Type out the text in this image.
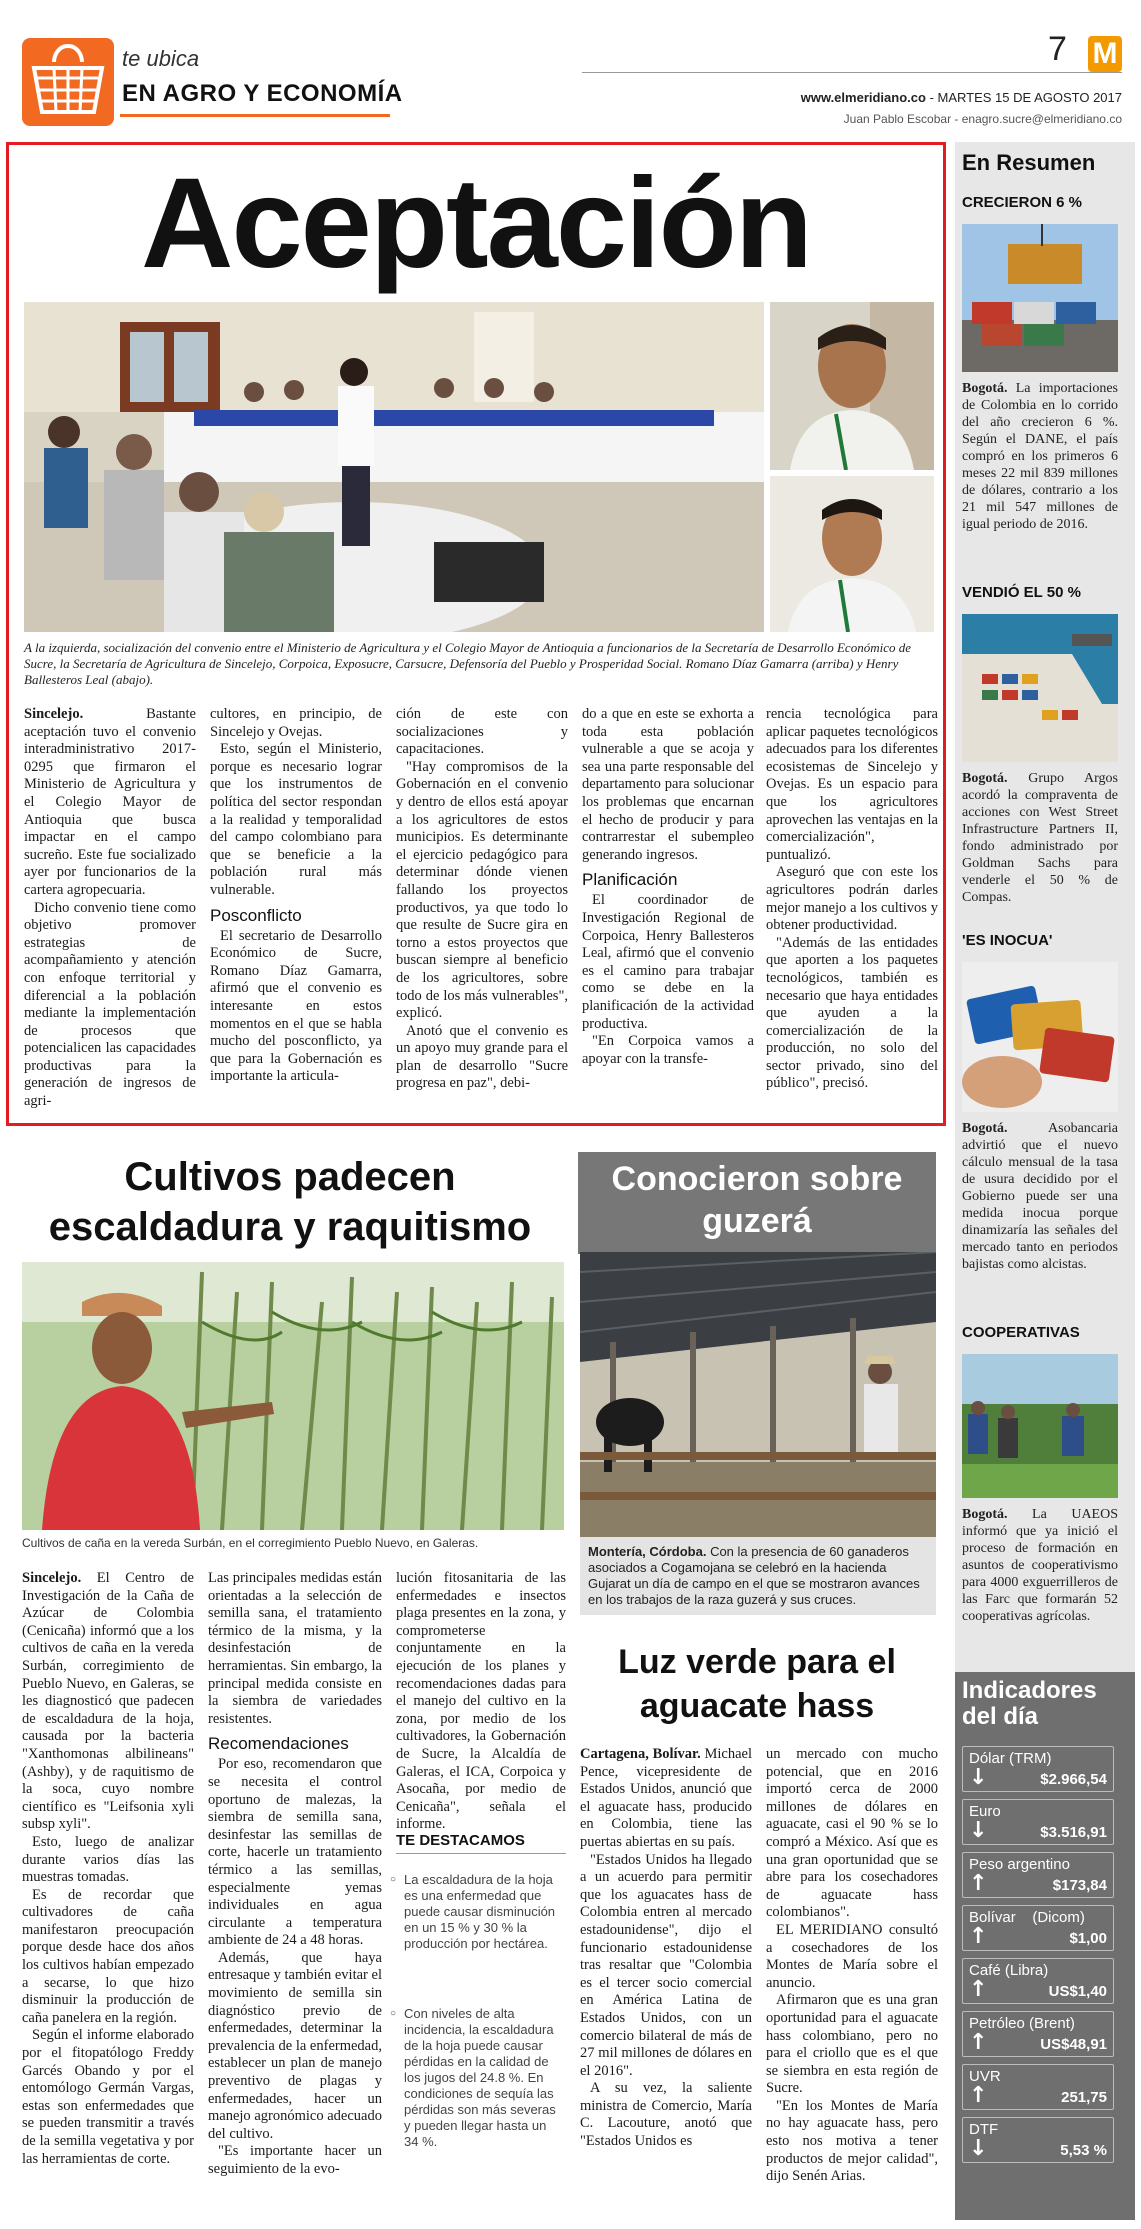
te ubica
EN AGRO Y ECONOMÍA
7 M
www.elmeridiano.co - MARTES 15 DE AGOSTO 2017
Juan Pablo Escobar - enagro.sucre@elmeridiano.co
Aceptación
A la izquierda, socialización del convenio entre el Ministerio de Agricultura y el Colegio Mayor de Antioquia a funcionarios de la Secretaría de Desarrollo Económico de Sucre, la Secretaría de Agricultura de Sincelejo, Corpoica, Exposucre, Carsucre, Defensoría del Pueblo y Prosperidad Social. Romano Díaz Gamarra (arriba) y Henry Ballesteros Leal (abajo).

Sincelejo. Bastante aceptación tuvo el convenio interadministrativo 2017-0295 que firmaron el Ministerio de Agricultura y el Colegio Mayor de Antioquia que busca impactar en el campo sucreño. Este fue socializado ayer por funcionarios de la cartera agropecuaria.

Dicho convenio tiene como objetivo promover estrategias de acompañamiento y atención con enfoque territorial y diferencial a la población mediante la implementación de procesos que potencialicen las capacidades productivas para la generación de ingresos de agri-

cultores, en principio, de Sincelejo y Ovejas.

Esto, según el Ministerio, porque es necesario lograr que los instrumentos de política del sector respondan a la realidad y temporalidad del campo colombiano para que se beneficie a la población rural más vulnerable.

Posconflicto

El secretario de Desarrollo Económico de Sucre, Romano Díaz Gamarra, afirmó que el convenio es interesante en estos momentos en el que se habla mucho del posconflicto, ya que para la Gobernación es importante la articula-

ción de este con socializaciones y capacitaciones.

"Hay compromisos de la Gobernación en el convenio y dentro de ellos está apoyar a los agricultores de estos municipios. Es determinante el ejercicio pedagógico para determinar dónde vienen fallando los proyectos productivos, ya que todo lo que resulte de Sucre gira en torno a estos proyectos que buscan siempre al beneficio de los agricultores, sobre todo de los más vulnerables", explicó.

Anotó que el convenio es un apoyo muy grande para el plan de desarrollo "Sucre progresa en paz", debi-

do a que en este se exhorta a toda esta población vulnerable a que se acoja y sea una parte responsable del departamento para solucionar los problemas que encarnan el hecho de producir y para contrarrestar el subempleo generando ingresos.

Planificación

El coordinador de Investigación Regional de Corpoica, Henry Ballesteros Leal, afirmó que el convenio es el camino para trabajar como se debe en la planificación de la actividad productiva.

"En Corpoica vamos a apoyar con la transfe-

rencia tecnológica para aplicar paquetes tecnológicos adecuados para los diferentes ecosistemas de Sincelejo y Ovejas. Es un espacio para que los agricultores aprovechen las ventajas en la comercialización", puntualizó.

Aseguró que con este los agricultores podrán darles mejor manejo a los cultivos y obtener productividad.

"Además de las entidades que aporten a los paquetes tecnológicos, también es necesario que haya entidades que ayuden a la comercialización de la producción, no solo del sector privado, sino del público", precisó.

En Resumen
CRECIERON 6 %
Bogotá. La importaciones de Colombia en lo corrido del año crecieron 6 %. Según el DANE, el país compró en los primeros 6 meses 22 mil 839 millones de dólares, contrario a los 21 mil 547 millones de igual periodo de 2016.
VENDIÓ EL 50 %
Bogotá. Grupo Argos acordó la compraventa de acciones con West Street Infrastructure Partners II, fondo administrado por Goldman Sachs para venderle el 50 % de Compas.
'ES INOCUA'
Bogotá. Asobancaria advirtió que el nuevo cálculo mensual de la tasa de usura decidido por el Gobierno puede ser una medida inocua porque dinamizaría las señales del mercado tanto en periodos bajistas como alcistas.
COOPERATIVAS
Bogotá. La UAEOS informó que ya inició el proceso de formación en asuntos de cooperativismo para 4000 exguerrilleros de las Farc que formarán 52 cooperativas agrícolas.
Indicadores del día
Dólar (TRM)
↓	$2.966,54
Euro
↓	$3.516,91
Peso argentino
↑	$173,84
Bolívar    (Dicom)
↑	$1,00
Café (Libra)
↑	US$1,40
Petróleo (Brent)
↑	US$48,91
UVR
↑	251,75
DTF
↓	5,53 %
Cultivos padecen escaldadura y raquitismo
Cultivos de caña en la vereda Surbán, en el corregimiento Pueblo Nuevo, en Galeras.

Sincelejo. El Centro de Investigación de la Caña de Azúcar de Colombia (Cenicaña) informó que a los cultivos de caña en la vereda Surbán, corregimiento de Pueblo Nuevo, en Galeras, se les diagnosticó que padecen de escaldadura de la hoja, causada por la bacteria "Xanthomonas albilineans" (Ashby), y de raquitismo de la soca, cuyo nombre científico es "Leifsonia xyli subsp xyli".

Esto, luego de analizar durante varios días las muestras tomadas.

Es de recordar que cultivadores de caña manifestaron preocupación porque desde hace dos años los cultivos habían empezado a secarse, lo que hizo disminuir la producción de caña panelera en la región.

Según el informe elaborado por el fitopatólogo Freddy Garcés Obando y por el entomólogo Germán Vargas, estas son enfermedades que se pueden transmitir a través de la semilla vegetativa y por las herramientas de corte.

Las principales medidas están orientadas a la selección de semilla sana, el tratamiento térmico de la misma, y la desinfestación de herramientas. Sin embargo, la principal medida consiste en la siembra de variedades resistentes.

Recomendaciones

Por eso, recomendaron que se necesita el control oportuno de malezas, la siembra de semilla sana, desinfestar las semillas de corte, hacerle un tratamiento térmico a las semillas, especialmente yemas individuales en agua circulante a temperatura ambiente de 24 a 48 horas.

Además, que haya entresaque y también evitar el movimiento de semilla sin diagnóstico previo de enfermedades, determinar la prevalencia de la enfermedad, establecer un plan de manejo preventivo de plagas y enfermedades, hacer un manejo agronómico adecuado del cultivo.

"Es importante hacer un seguimiento de la evo-

lución fitosanitaria de las enfermedades e insectos plaga presentes en la zona, y comprometerse conjuntamente en la ejecución de los planes y recomendaciones dadas para el manejo del cultivo en la zona, por medio de los cultivadores, la Gobernación de Sucre, la Alcaldía de Galeras, el ICA, Corpoica y Asocaña, por medio de Cenicaña", señala el informe.

TE DESTACAMOS
○ La escaldadura de la hoja es una enfermedad que puede causar disminución en un 15 % y 30 % la producción por hectárea.
○ Con niveles de alta incidencia, la escaldadura de la hoja puede causar pérdidas en la calidad de los jugos del 24.8 %. En condiciones de sequía las pérdidas son más severas y pueden llegar hasta un 34 %.
Conocieron sobre guzerá
Montería, Córdoba. Con la presencia de 60 ganaderos asociados a Cogamojana se celebró en la hacienda Gujarat un día de campo en el que se mostraron avances en los trabajos de la raza guzerá y sus cruces.
Luz verde para el aguacate hass

Cartagena, Bolívar. Michael Pence, vicepresidente de Estados Unidos, anunció que el aguacate hass, producido en Colombia, tiene las puertas abiertas en su país.

"Estados Unidos ha llegado a un acuerdo para permitir que los aguacates hass de Colombia entren al mercado estadounidense", dijo el funcionario estadounidense tras resaltar que "Colombia es el tercer socio comercial en América Latina de Estados Unidos, con un comercio bilateral de más de 27 mil millones de dólares en el 2016".

A su vez, la saliente ministra de Comercio, María C. Lacouture, anotó que "Estados Unidos es

un mercado con mucho potencial, que en 2016 importó cerca de 2000 millones de dólares en aguacate, casi el 90 % se lo compró a México. Así que es una gran oportunidad que se abre para los cosechadores de aguacate hass colombianos".

EL MERIDIANO consultó a cosechadores de los Montes de María sobre el anuncio.

Afirmaron que es una gran oportunidad para el aguacate hass colombiano, pero no para el criollo que es el que se siembra en esta región de Sucre.

"En los Montes de María no hay aguacate hass, pero esto nos motiva a tener productos de mejor calidad", dijo Senén Arias.
